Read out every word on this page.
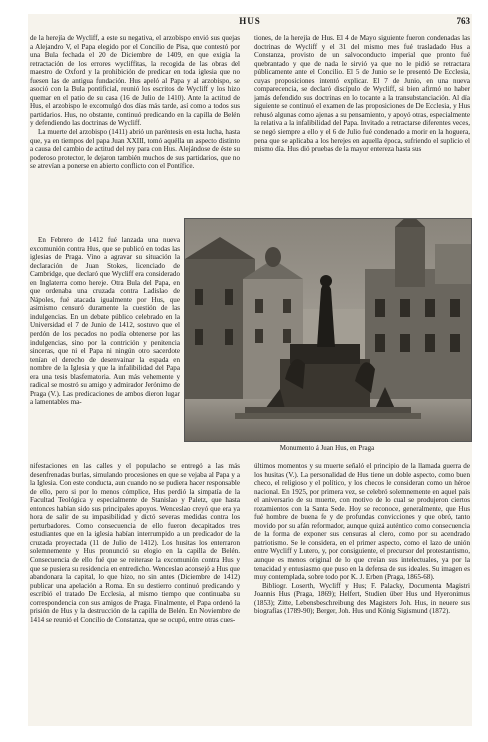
HUS	763

de la herejía de Wycliff, a este su negativa, el arzobispo envió sus quejas a Alejandro V, el Papa elegido por el Concilio de Pisa, que contestó por una Bula fechada el 20 de Diciembre de 1409, en que exigía la retractación de los errores wycliffitas, la recogida de las obras del maestro de Oxford y la prohibición de predicar en toda iglesia que no fuesen las de antigua fundación. Hus apeló al Papa y al arzobispo, se asoció con la Bula pontificial, reunió los escritos de Wycliff y los hizo quemar en el patio de su casa (16 de Julio de 1410). Ante la actitud de Hus, el arzobispo le excomulgó dos días más tarde, así como a todos sus partidarios. Hus, no obstante, continuó predicando en la capilla de Belén y defendiendo las doctrinas de Wycliff.

La muerte del arzobispo (1411) abrió un paréntesis en esta lucha, hasta que, ya en tiempos del papa Juan XXIII, tomó aquélla un aspecto distinto a causa del cambio de actitud del rey para con Hus. Alejándose de éste su poderoso protector, le dejaron también muchos de sus partidarios, que no se atrevían a ponerse en abierto conflicto con el Pontífice.

tiones, de la herejía de Hus. El 4 de Mayo siguiente fueron condenadas las doctrinas de Wycliff y el 31 del mismo mes fué trasladado Hus a Constanza, provisto de un salvoconducto imperial que pronto fué quebrantado y que de nada le sirvió ya que no le pidió se retractara públicamente ante el Concilio. El 5 de Junio se le presentó De Ecclesia, cuyas proposiciones intentó explicar. El 7 de Junio, en una nueva comparecencia, se declaró discípulo de Wycliff, si bien afirmó no haber jamás defendido sus doctrinas en lo tocante a la transubstanciación. Al día siguiente se continuó el examen de las proposiciones de De Ecclesia, y Hus rehusó algunas como ajenas a su pensamiento, y apoyó otras, especialmente la relativa a la infalibilidad del Papa. Invitado a retractarse diferentes veces, se negó siempre a ello y el 6 de Julio fué condenado a morir en la hoguera, pena que se aplicaba a los herejes en aquella época, sufriendo el suplicio el mismo día. Hus dió pruebas de la mayor entereza hasta sus

En Febrero de 1412 fué lanzada una nueva excomunión contra Hus, que se publicó en todas las iglesias de Praga. Vino a agravar su situación la declaración de Juan Stokes, licenciado de Cambridge, que declaró que Wycliff era considerado en Inglaterra como hereje. Otra Bula del Papa, en que ordenaba una cruzada contra Ladislao de Nápoles, fué atacada igualmente por Hus, que asimismo censuró duramente la cuestión de las indulgencias. En un debate público celebrado en la Universidad el 7 de Junio de 1412, sostuvo que el perdón de los pecados no podía obtenerse por las indulgencias, sino por la contrición y penitencia sinceras, que ni el Papa ni ningún otro sacerdote tenían el derecho de desenvainar la espada en nombre de la Iglesia y que la infalibilidad del Papa era una tesis blasfematoria. Aun más vehemente y radical se mostró su amigo y admirador Jerónimo de Praga (V.). Las predicaciones de ambos dieron lugar a lamentables ma-

Monumento á Juan Hus, en Praga

nifestaciones en las calles y el populacho se entregó a las más desenfrenadas burlas, simulando procesiones en que se vejaba al Papa y a la Iglesia. Con este conducta, aun cuando no se pudiera hacer responsable de ello, pero si por lo menos cómplice, Hus perdió la simpatía de la Facultad Teológica y especialmente de Stanislao y Paletz, que hasta entonces habían sido sus principales apoyos. Wenceslao creyó que era ya hora de salir de su impasibilidad y dictó severas medidas contra los perturbadores. Como consecuencia de ello fueron decapitados tres estudiantes que en la iglesia habían interrumpido a un predicador de la cruzada proyectada (11 de Julio de 1412). Los husitas los enterraron solemnemente y Hus pronunció su elogio en la capilla de Belén. Consecuencia de ello fué que se reiterase la excomunión contra Hus y que se pusiera su residencia en entredicho. Wenceslao aconsejó a Hus que abandonara la capital, lo que hizo, no sin antes (Diciembre de 1412) publicar una apelación a Roma. En su destierro continuó predicando y escribió el tratado De Ecclesia, al mismo tiempo que continuaba su correspondencia con sus amigos de Praga. Finalmente, el Papa ordenó la prisión de Hus y la destrucción de la capilla de Belén. En Noviembre de 1414 se reunió el Concilio de Constanza, que se ocupó, entre otras cues-

últimos momentos y su muerte señaló el principio de la llamada guerra de los husitas (V.). La personalidad de Hus tiene un doble aspecto, como buen checo, el religioso y el político, y los checos le consideran como un héroe nacional. En 1925, por primera vez, se celebró solemnemente en aquel país el aniversario de su muerte, con motivo de lo cual se produjeron ciertos rozamientos con la Santa Sede. Hoy se reconoce, generalmente, que Hus fué hombre de buena fe y de profundas convicciones y que obró, tanto movido por su afán reformador, aunque quizá auténtico como consecuencia de la forma de exponer sus censuras al clero, como por su acendrado patriotismo. Se le considera, en el primer aspecto, como el lazo de unión entre Wycliff y Lutero, y, por consiguiente, el precursor del protestantismo, aunque es menos original de lo que creían sus intelectuales, ya por la tenacidad y entusiasmo que puso en la defensa de sus ideales. Su imagen es muy contemplada, sobre todo por K. J. Erben (Praga, 1865-68).

Bibliogr. Loserth, Wycliff y Hus; F. Palacky, Documenta Magistri Joannis Hus (Praga, 1869); Helfert, Studien über Hus und Hyeronimus (1853); Zitte, Lebensbeschreibung des Magisters Joh. Hus, in neuere sus biografías (1789-90); Berger, Joh. Hus und König Sigismund (1872).
